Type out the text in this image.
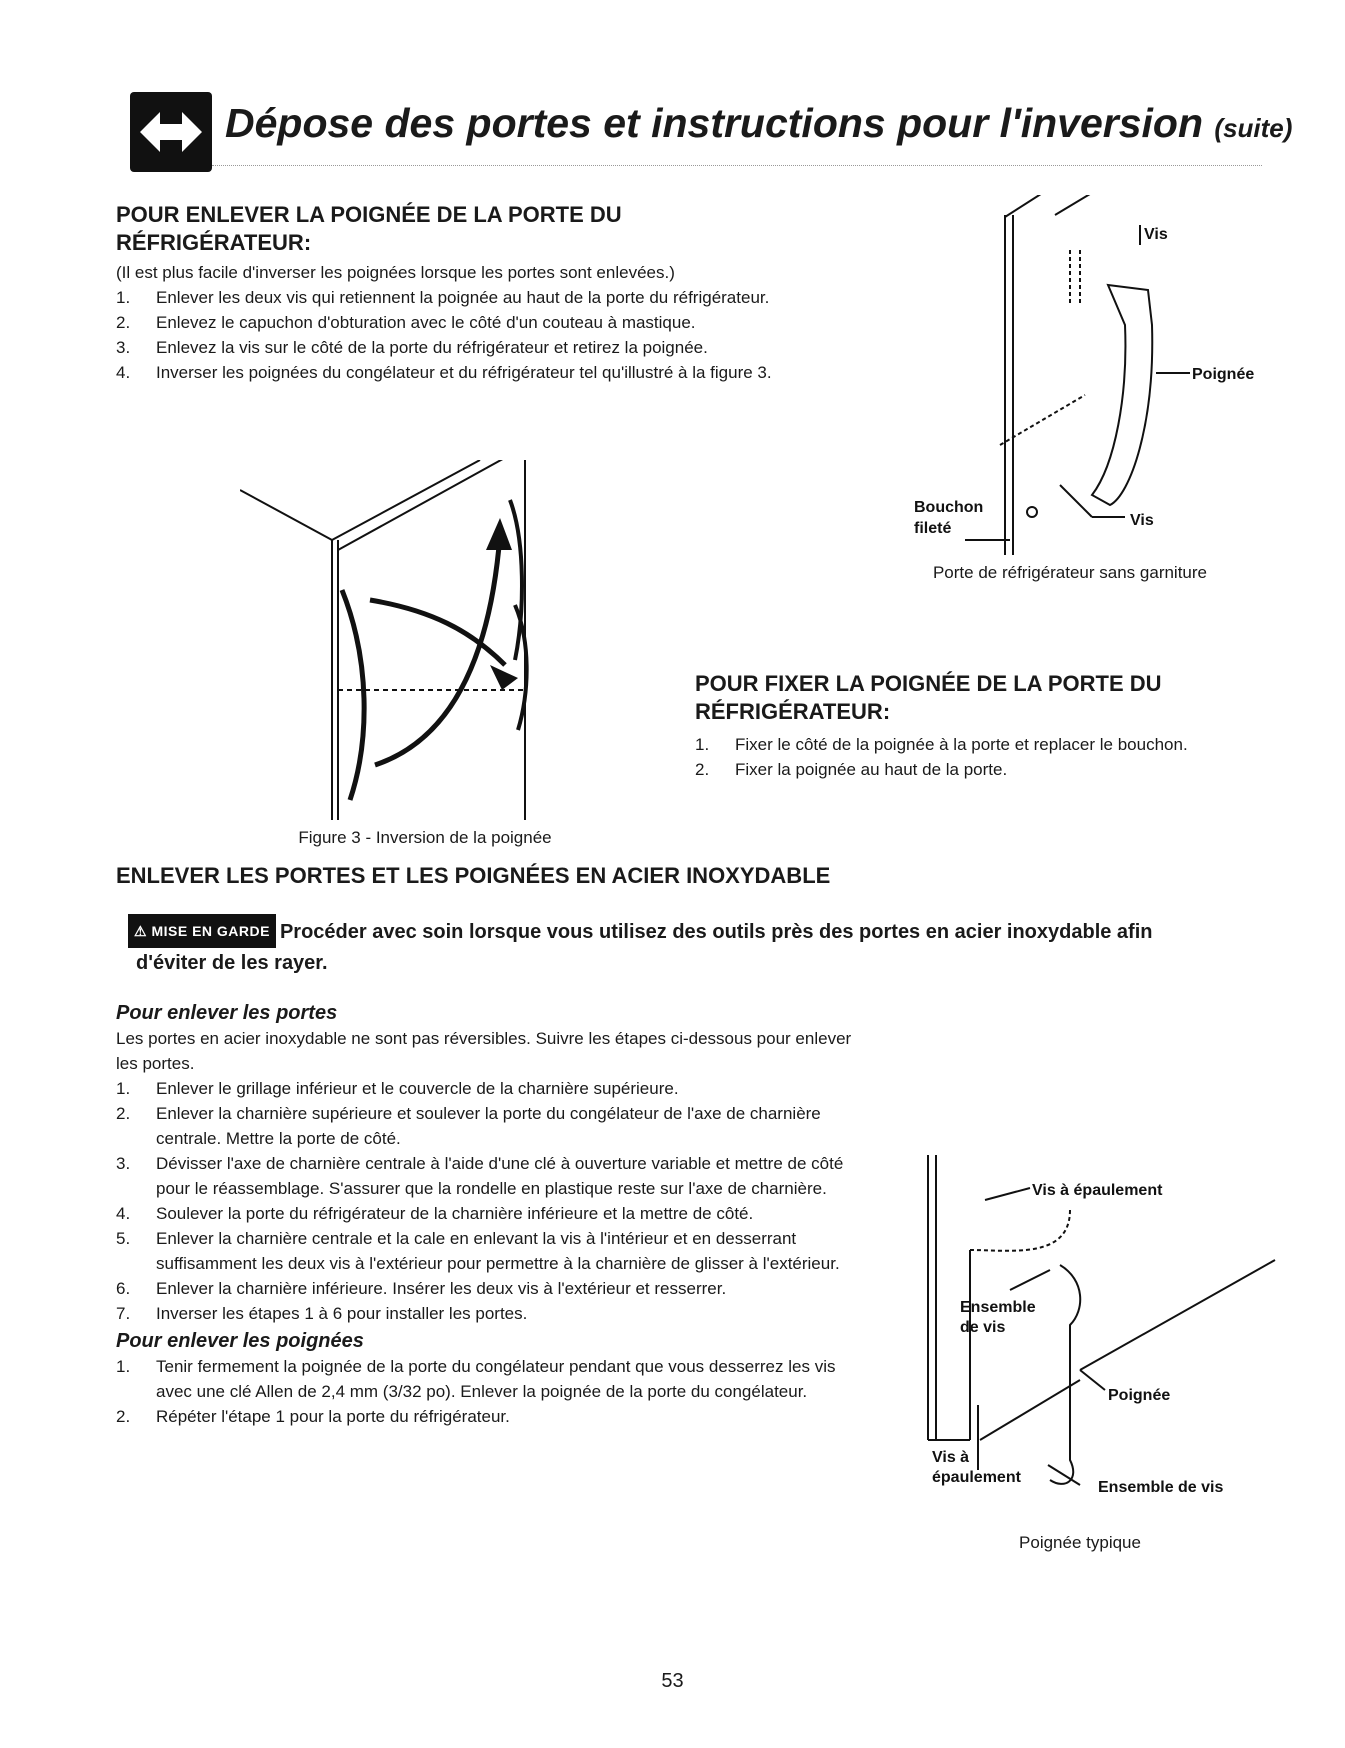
Dépose des portes et instructions pour l'inversion (suite)
POUR ENLEVER LA POIGNÉE DE LA PORTE DU
RÉFRIGÉRATEUR:
(Il est plus facile d'inverser les poignées lorsque les portes sont enlevées.)
1. Enlever les deux vis qui retiennent la poignée au haut de la porte du réfrigérateur.
2. Enlevez le capuchon d'obturation avec le côté d'un couteau à mastique.
3. Enlevez la vis sur le côté de la porte du réfrigérateur et retirez la poignée.
4. Inverser les poignées du congélateur et du réfrigérateur tel qu'illustré à la figure 3.
Vis
Poignée
Bouchon
fileté	Vis
Porte de réfrigérateur sans garniture
Figure 3 - Inversion de la poignée
POUR FIXER LA POIGNÉE DE LA PORTE DU
RÉFRIGÉRATEUR:
1. Fixer le côté de la poignée à la porte et replacer le bouchon.
2. Fixer la poignée au haut de la porte.
ENLEVER LES PORTES ET LES POIGNÉES EN ACIER INOXYDABLE
⚠ MISE EN GARDE Procéder avec soin lorsque vous utilisez des outils près des portes en acier inoxydable afin
d'éviter de les rayer.
Pour enlever les portes
Les portes en acier inoxydable ne sont pas réversibles. Suivre les étapes ci-dessous pour enlever les portes.
1. Enlever le grillage inférieur et le couvercle de la charnière supérieure.
2. Enlever la charnière supérieure et soulever la porte du congélateur de l'axe de charnière centrale. Mettre la porte de côté.
3. Dévisser l'axe de charnière centrale à l'aide d'une clé à ouverture variable et mettre de côté pour le réassemblage. S'assurer que la rondelle en plastique reste sur l'axe de charnière.
4. Soulever la porte du réfrigérateur de la charnière inférieure et la mettre de côté.
5. Enlever la charnière centrale et la cale en enlevant la vis à l'intérieur et en desserrant suffisamment les deux vis à l'extérieur pour permettre à la charnière de glisser à l'extérieur.
6. Enlever la charnière inférieure. Insérer les deux vis à l'extérieur et resserrer.
7. Inverser les étapes 1 à 6 pour installer les portes.
Pour enlever les poignées
1. Tenir fermement la poignée de la porte du congélateur pendant que vous desserrez les vis avec une clé Allen de 2,4 mm (3/32 po). Enlever la poignée de la porte du congélateur.
2. Répéter l'étape 1 pour la porte du réfrigérateur.
Vis à épaulement
Ensemble
de vis
Poignée
Vis à
épaulement
Ensemble de vis
Poignée typique
53
